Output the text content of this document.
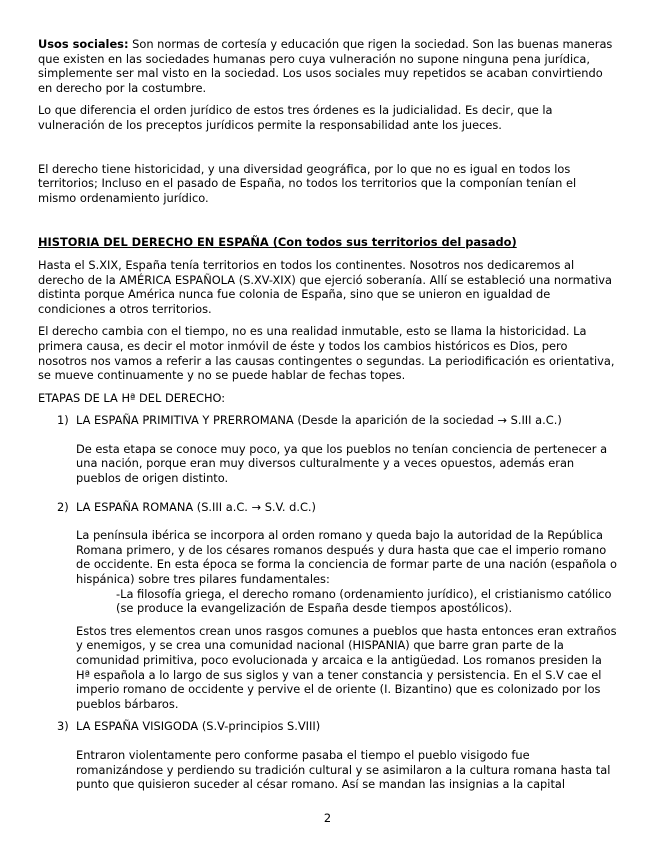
Usos sociales: Son normas de cortesía y educación que rigen la sociedad. Son las buenas maneras que existen en las sociedades humanas pero cuya vulneración no supone ninguna pena jurídica, simplemente ser mal visto en la sociedad. Los usos sociales muy repetidos se acaban convirtiendo en derecho por la costumbre.

Lo que diferencia el orden jurídico de estos tres órdenes es la judicialidad. Es decir, que la vulneración de los preceptos jurídicos permite la responsabilidad ante los jueces.

El derecho tiene historicidad, y una diversidad geográfica, por lo que no es igual en todos los territorios; Incluso en el pasado de España, no todos los territorios que la componían tenían el mismo ordenamiento jurídico.

HISTORIA DEL DERECHO EN ESPAÑA (Con todos sus territorios del pasado)

Hasta el S.XIX, España tenía territorios en todos los continentes. Nosotros nos dedicaremos al derecho de la AMÉRICA ESPAÑOLA (S.XV-XIX) que ejerció soberanía. Allí se estableció una normativa distinta porque América nunca fue colonia de España, sino que se unieron en igualdad de condiciones a otros territorios.

El derecho cambia con el tiempo, no es una realidad inmutable, esto se llama la historicidad. La primera causa, es decir el motor inmóvil de éste y todos los cambios históricos es Dios, pero nosotros nos vamos a referir a las causas contingentes o segundas. La periodificación es orientativa, se mueve continuamente y no se puede hablar de fechas topes.

ETAPAS DE LA Hª DEL DERECHO:

1) LA ESPAÑA PRIMITIVA Y PRERROMANA (Desde la aparición de la sociedad → S.III a.C.)

De esta etapa se conoce muy poco, ya que los pueblos no tenían conciencia de pertenecer a una nación, porque eran muy diversos culturalmente y a veces opuestos, además eran pueblos de origen distinto.

2) LA ESPAÑA ROMANA (S.III a.C. → S.V. d.C.)

La península ibérica se incorpora al orden romano y queda bajo la autoridad de la República Romana primero, y de los césares romanos después y dura hasta que cae el imperio romano de occidente. En esta época se forma la conciencia de formar parte de una nación (española o hispánica) sobre tres pilares fundamentales:

-La filosofía griega, el derecho romano (ordenamiento jurídico), el cristianismo católico (se produce la evangelización de España desde tiempos apostólicos).

Estos tres elementos crean unos rasgos comunes a pueblos que hasta entonces eran extraños y enemigos, y se crea una comunidad nacional (HISPANIA) que barre gran parte de la comunidad primitiva, poco evolucionada y arcaica e la antigüedad. Los romanos presiden la Hª española a lo largo de sus siglos y van a tener constancia y persistencia. En el S.V cae el imperio romano de occidente y pervive el de oriente (I. Bizantino) que es colonizado por los pueblos bárbaros.

3) LA ESPAÑA VISIGODA (S.V-principios S.VIII)

Entraron violentamente pero conforme pasaba el tiempo el pueblo visigodo fue romanizándose y perdiendo su tradición cultural y se asimilaron a la cultura romana hasta tal punto que quisieron suceder al césar romano. Así se mandan las insignias a la capital

2
